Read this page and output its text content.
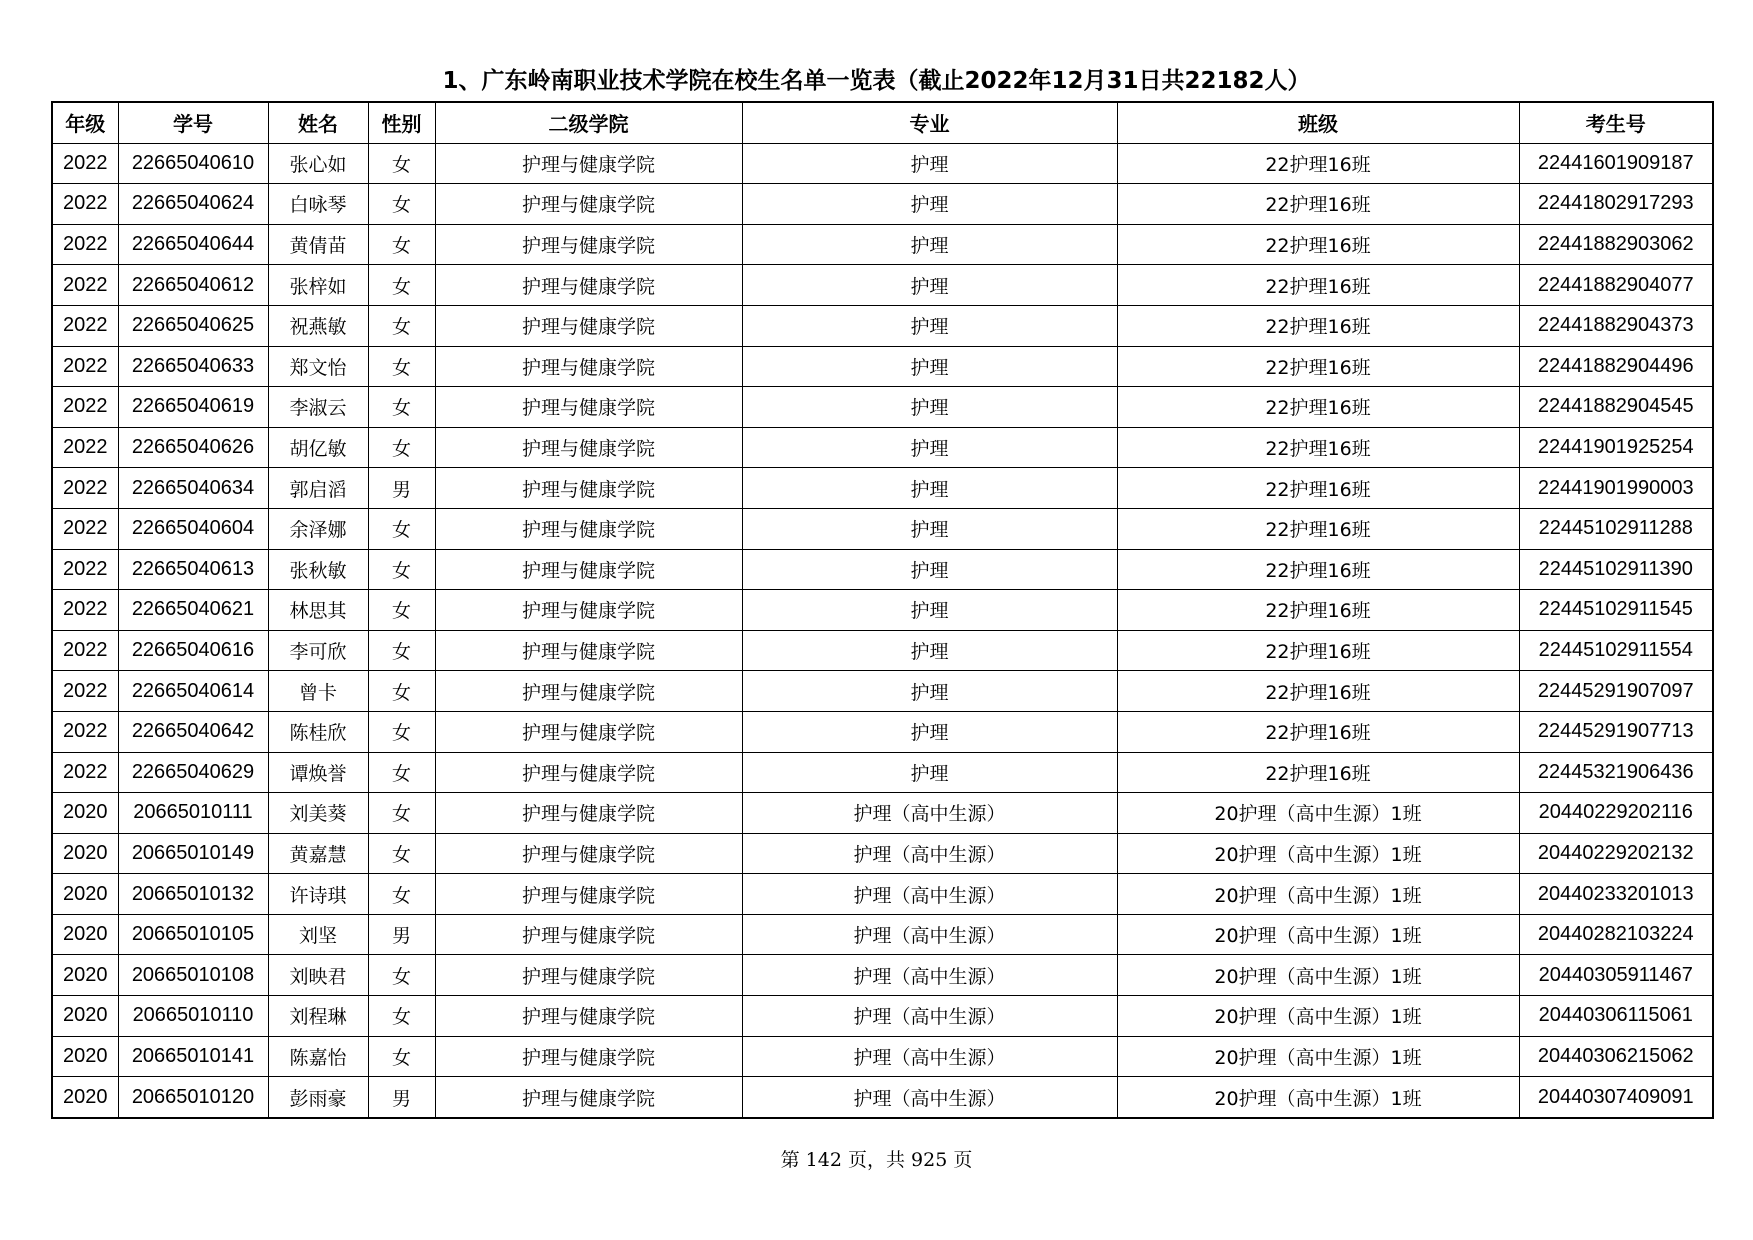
1、广东岭南职业技术学院在校生名单一览表（截止2022年12月31日共22182人）
年级	学号	姓名	性别	二级学院	专业	班级	考生号
2022	22665040610	张心如	女	护理与健康学院	护理	22护理16班	22441601909187
2022	22665040624	白咏琴	女	护理与健康学院	护理	22护理16班	22441802917293
2022	22665040644	黄倩苗	女	护理与健康学院	护理	22护理16班	22441882903062
2022	22665040612	张梓如	女	护理与健康学院	护理	22护理16班	22441882904077
2022	22665040625	祝燕敏	女	护理与健康学院	护理	22护理16班	22441882904373
2022	22665040633	郑文怡	女	护理与健康学院	护理	22护理16班	22441882904496
2022	22665040619	李淑云	女	护理与健康学院	护理	22护理16班	22441882904545
2022	22665040626	胡亿敏	女	护理与健康学院	护理	22护理16班	22441901925254
2022	22665040634	郭启滔	男	护理与健康学院	护理	22护理16班	22441901990003
2022	22665040604	余泽娜	女	护理与健康学院	护理	22护理16班	22445102911288
2022	22665040613	张秋敏	女	护理与健康学院	护理	22护理16班	22445102911390
2022	22665040621	林思其	女	护理与健康学院	护理	22护理16班	22445102911545
2022	22665040616	李可欣	女	护理与健康学院	护理	22护理16班	22445102911554
2022	22665040614	曾卡	女	护理与健康学院	护理	22护理16班	22445291907097
2022	22665040642	陈桂欣	女	护理与健康学院	护理	22护理16班	22445291907713
2022	22665040629	谭焕誉	女	护理与健康学院	护理	22护理16班	22445321906436
2020	20665010111	刘美葵	女	护理与健康学院	护理（高中生源）	20护理（高中生源）1班	20440229202116
2020	20665010149	黄嘉慧	女	护理与健康学院	护理（高中生源）	20护理（高中生源）1班	20440229202132
2020	20665010132	许诗琪	女	护理与健康学院	护理（高中生源）	20护理（高中生源）1班	20440233201013
2020	20665010105	刘坚	男	护理与健康学院	护理（高中生源）	20护理（高中生源）1班	20440282103224
2020	20665010108	刘映君	女	护理与健康学院	护理（高中生源）	20护理（高中生源）1班	20440305911467
2020	20665010110	刘程琳	女	护理与健康学院	护理（高中生源）	20护理（高中生源）1班	20440306115061
2020	20665010141	陈嘉怡	女	护理与健康学院	护理（高中生源）	20护理（高中生源）1班	20440306215062
2020	20665010120	彭雨豪	男	护理与健康学院	护理（高中生源）	20护理（高中生源）1班	20440307409091
第 142 页，共 925 页
